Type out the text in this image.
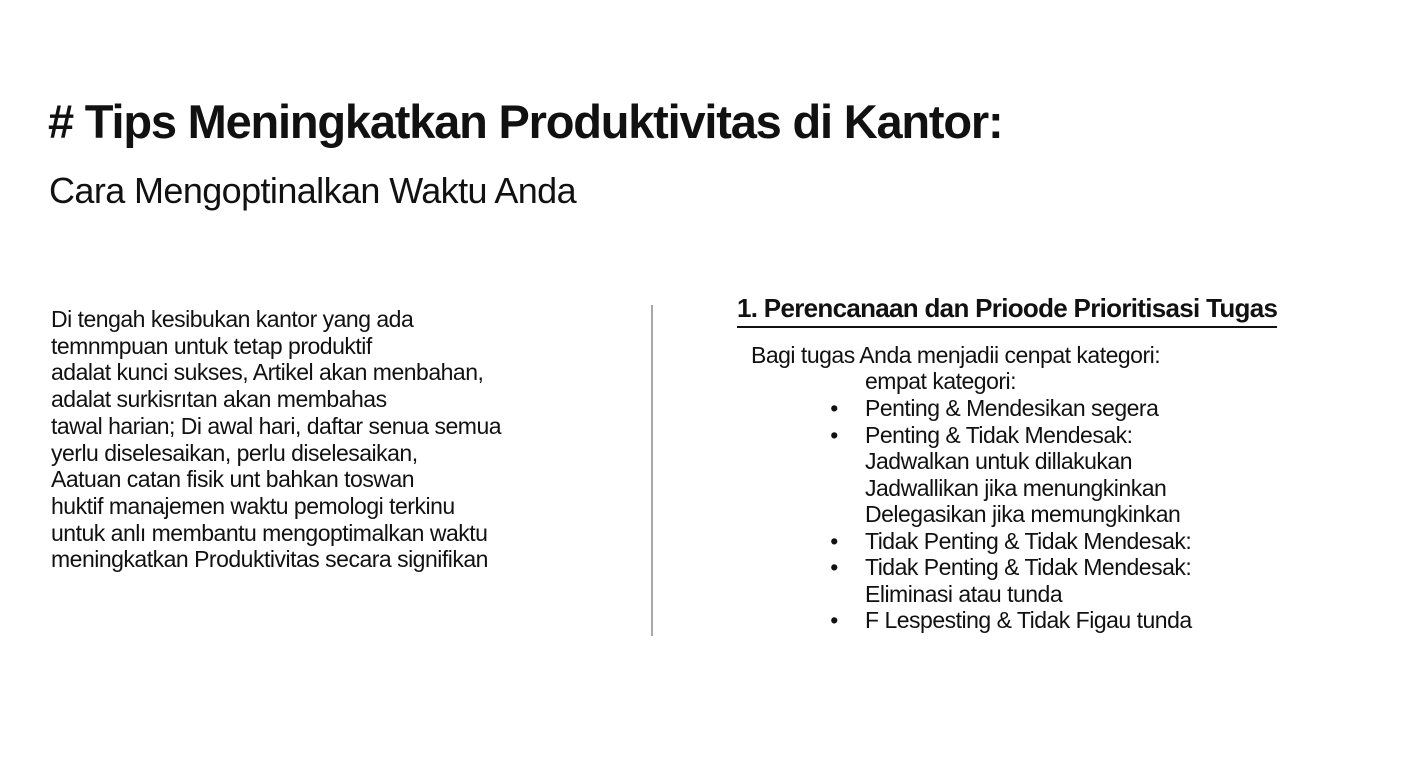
# Tips Meningkatkan Produktivitas di Kantor:
Cara Mengoptinalkan Waktu Anda
Di tengah kesibukan kantor yang ada
temnmpuan untuk tetap produktif
adalat kunci sukses, Artikel akan menbahan,
adalat surkisrıtan akan membahas
tawal harian; Di awal hari, daftar senua semua
yerlu diselesaikan, perlu diselesaikan,
Aatuan catan fisik unt bahkan toswan
huktif manajemen waktu pemologi terkinu
untuk anlı membantu mengoptimalkan waktu
meningkatkan Produktivitas secara signifikan
1. Perencanaan dan Prioode Prioritisasi Tugas
Bagi tugas Anda menjadii cenpat kategori:
empat kategori:
• Penting & Mendesikan segera
• Penting & Tidak Mendesak:
Jadwalkan untuk dillakukan
Jadwallikan jika menungkinkan
Delegasikan jika memungkinkan
• Tidak Penting & Tidak Mendesak:
• Tidak Penting & Tidak Mendesak:
Eliminasi atau tunda
• F Lespesting & Tidak Figau tunda
